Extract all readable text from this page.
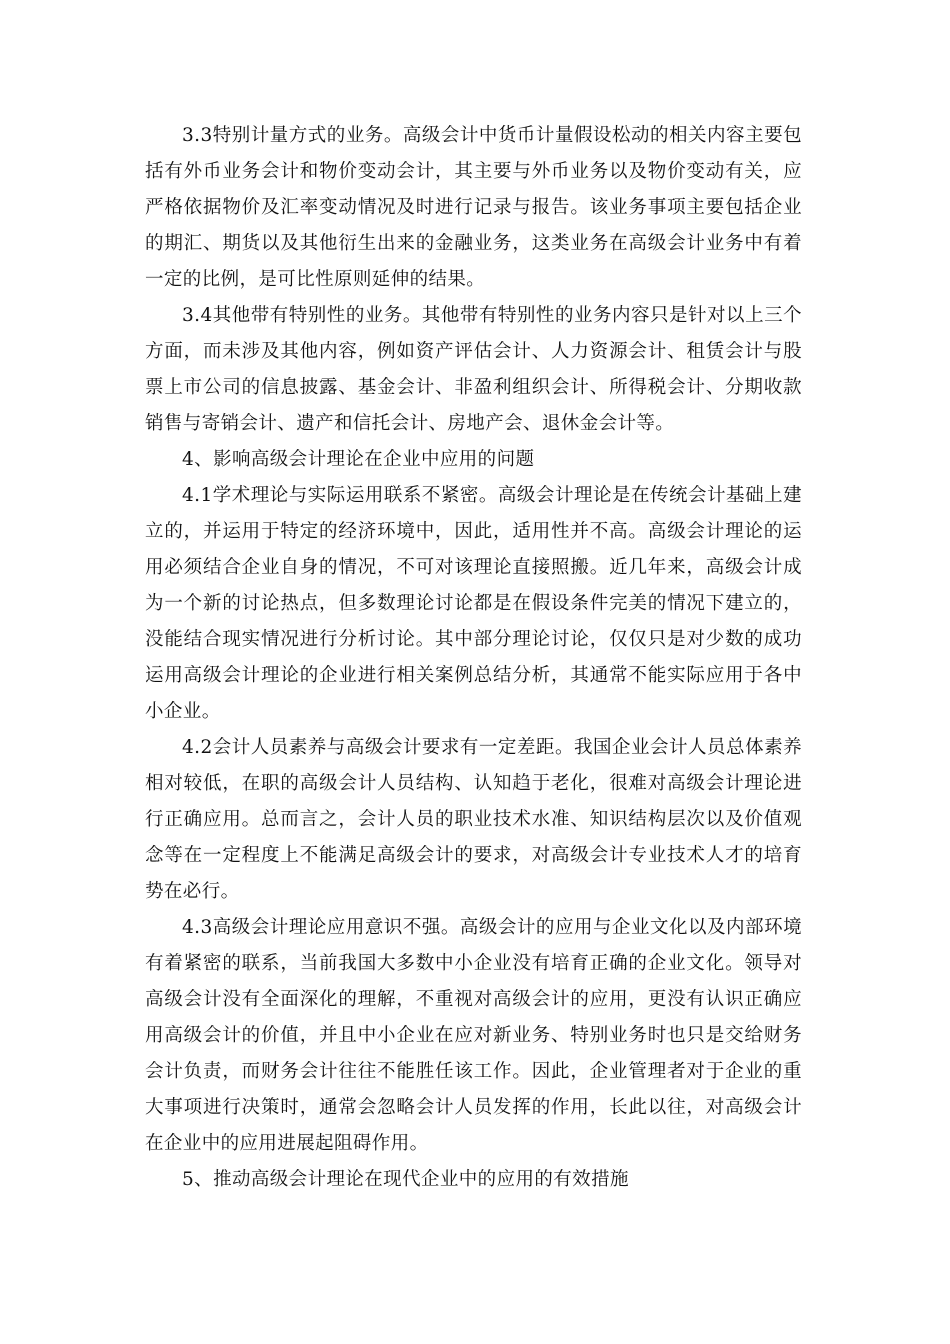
3.3特别计量方式的业务。高级会计中货币计量假设松动的相关内容主要包括有外币业务会计和物价变动会计，其主要与外币业务以及物价变动有关，应严格依据物价及汇率变动情况及时进行记录与报告。该业务事项主要包括企业的期汇、期货以及其他衍生出来的金融业务，这类业务在高级会计业务中有着一定的比例，是可比性原则延伸的结果。

3.4其他带有特别性的业务。其他带有特别性的业务内容只是针对以上三个方面，而未涉及其他内容，例如资产评估会计、人力资源会计、租赁会计与股票上市公司的信息披露、基金会计、非盈利组织会计、所得税会计、分期收款销售与寄销会计、遗产和信托会计、房地产会、退休金会计等。

4、影响高级会计理论在企业中应用的问题

4.1学术理论与实际运用联系不紧密。高级会计理论是在传统会计基础上建立的，并运用于特定的经济环境中，因此，适用性并不高。高级会计理论的运用必须结合企业自身的情况，不可对该理论直接照搬。近几年来，高级会计成为一个新的讨论热点，但多数理论讨论都是在假设条件完美的情况下建立的，没能结合现实情况进行分析讨论。其中部分理论讨论，仅仅只是对少数的成功运用高级会计理论的企业进行相关案例总结分析，其通常不能实际应用于各中小企业。

4.2会计人员素养与高级会计要求有一定差距。我国企业会计人员总体素养相对较低，在职的高级会计人员结构、认知趋于老化，很难对高级会计理论进行正确应用。总而言之，会计人员的职业技术水准、知识结构层次以及价值观念等在一定程度上不能满足高级会计的要求，对高级会计专业技术人才的培育势在必行。

4.3高级会计理论应用意识不强。高级会计的应用与企业文化以及内部环境有着紧密的联系，当前我国大多数中小企业没有培育正确的企业文化。领导对高级会计没有全面深化的理解，不重视对高级会计的应用，更没有认识正确应用高级会计的价值，并且中小企业在应对新业务、特别业务时也只是交给财务会计负责，而财务会计往往不能胜任该工作。因此，企业管理者对于企业的重大事项进行决策时，通常会忽略会计人员发挥的作用，长此以往，对高级会计在企业中的应用进展起阻碍作用。

5、推动高级会计理论在现代企业中的应用的有效措施
